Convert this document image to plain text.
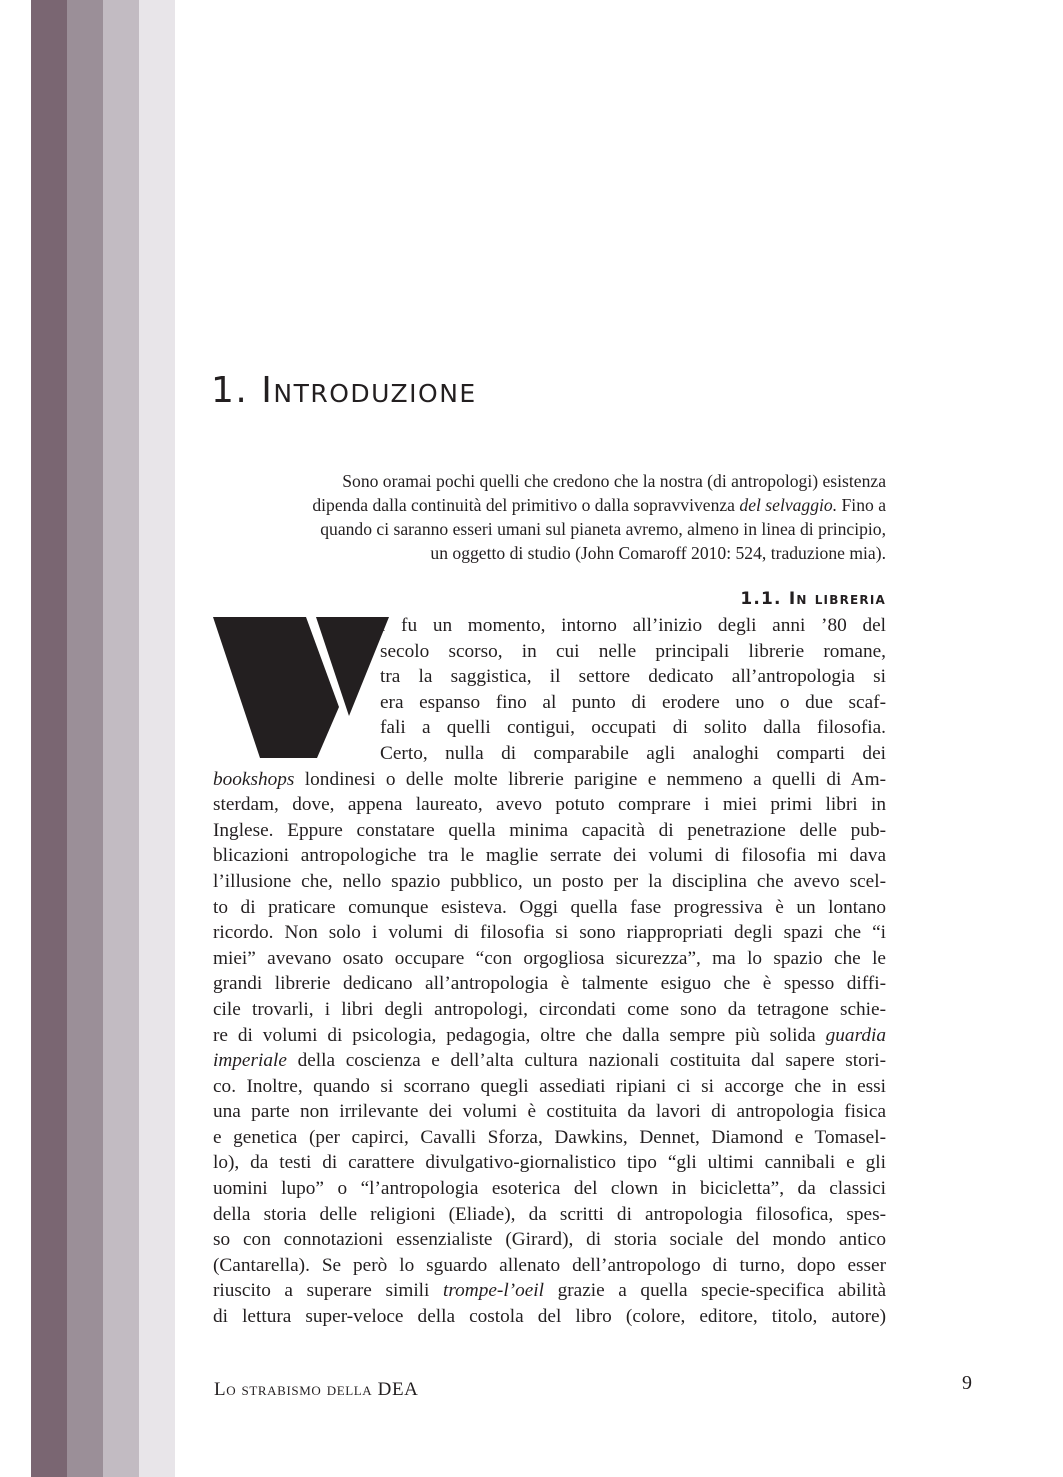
1. Introduzione
Sono oramai pochi quelli che credono che la nostra (di antropologi) esistenza
dipenda dalla continuità del primitivo o dalla sopravvivenza del selvaggio. Fino a
quando ci saranno esseri umani sul pianeta avremo, almeno in linea di principio,
un oggetto di studio (John Comaroff 2010: 524, traduzione mia).
1.1. In libreria
i fu un momento, intorno all’inizio degli anni ’80 del
secolo scorso, in cui nelle principali librerie romane,
tra la saggistica, il settore dedicato all’antropologia si
era espanso fino al punto di erodere uno o due scaf-
fali a quelli contigui, occupati di solito dalla filosofia.
Certo, nulla di comparabile agli analoghi comparti dei
bookshops londinesi o delle molte librerie parigine e nemmeno a quelli di Am-
sterdam, dove, appena laureato, avevo potuto comprare i miei primi libri in
Inglese. Eppure constatare quella minima capacità di penetrazione delle pub-
blicazioni antropologiche tra le maglie serrate dei volumi di filosofia mi dava
l’illusione che, nello spazio pubblico, un posto per la disciplina che avevo scel-
to di praticare comunque esisteva. Oggi quella fase progressiva è un lontano
ricordo. Non solo i volumi di filosofia si sono riappropriati degli spazi che “i
miei” avevano osato occupare “con orgogliosa sicurezza”, ma lo spazio che le
grandi librerie dedicano all’antropologia è talmente esiguo che è spesso diffi-
cile trovarli, i libri degli antropologi, circondati come sono da tetragone schie-
re di volumi di psicologia, pedagogia, oltre che dalla sempre più solida guardia
imperiale della coscienza e dell’alta cultura nazionali costituita dal sapere stori-
co. Inoltre, quando si scorrano quegli assediati ripiani ci si accorge che in essi
una parte non irrilevante dei volumi è costituita da lavori di antropologia fisica
e genetica (per capirci, Cavalli Sforza, Dawkins, Dennet, Diamond e Tomasel-
lo), da testi di carattere divulgativo-giornalistico tipo “gli ultimi cannibali e gli
uomini lupo” o “l’antropologia esoterica del clown in bicicletta”, da classici
della storia delle religioni (Eliade), da scritti di antropologia filosofica, spes-
so con connotazioni essenzialiste (Girard), di storia sociale del mondo antico
(Cantarella). Se però lo sguardo allenato dell’antropologo di turno, dopo esser
riuscito a superare simili trompe-l’oeil grazie a quella specie-specifica abilità
di lettura super-veloce della costola del libro (colore, editore, titolo, autore)
Lo strabismo della DEA	9
